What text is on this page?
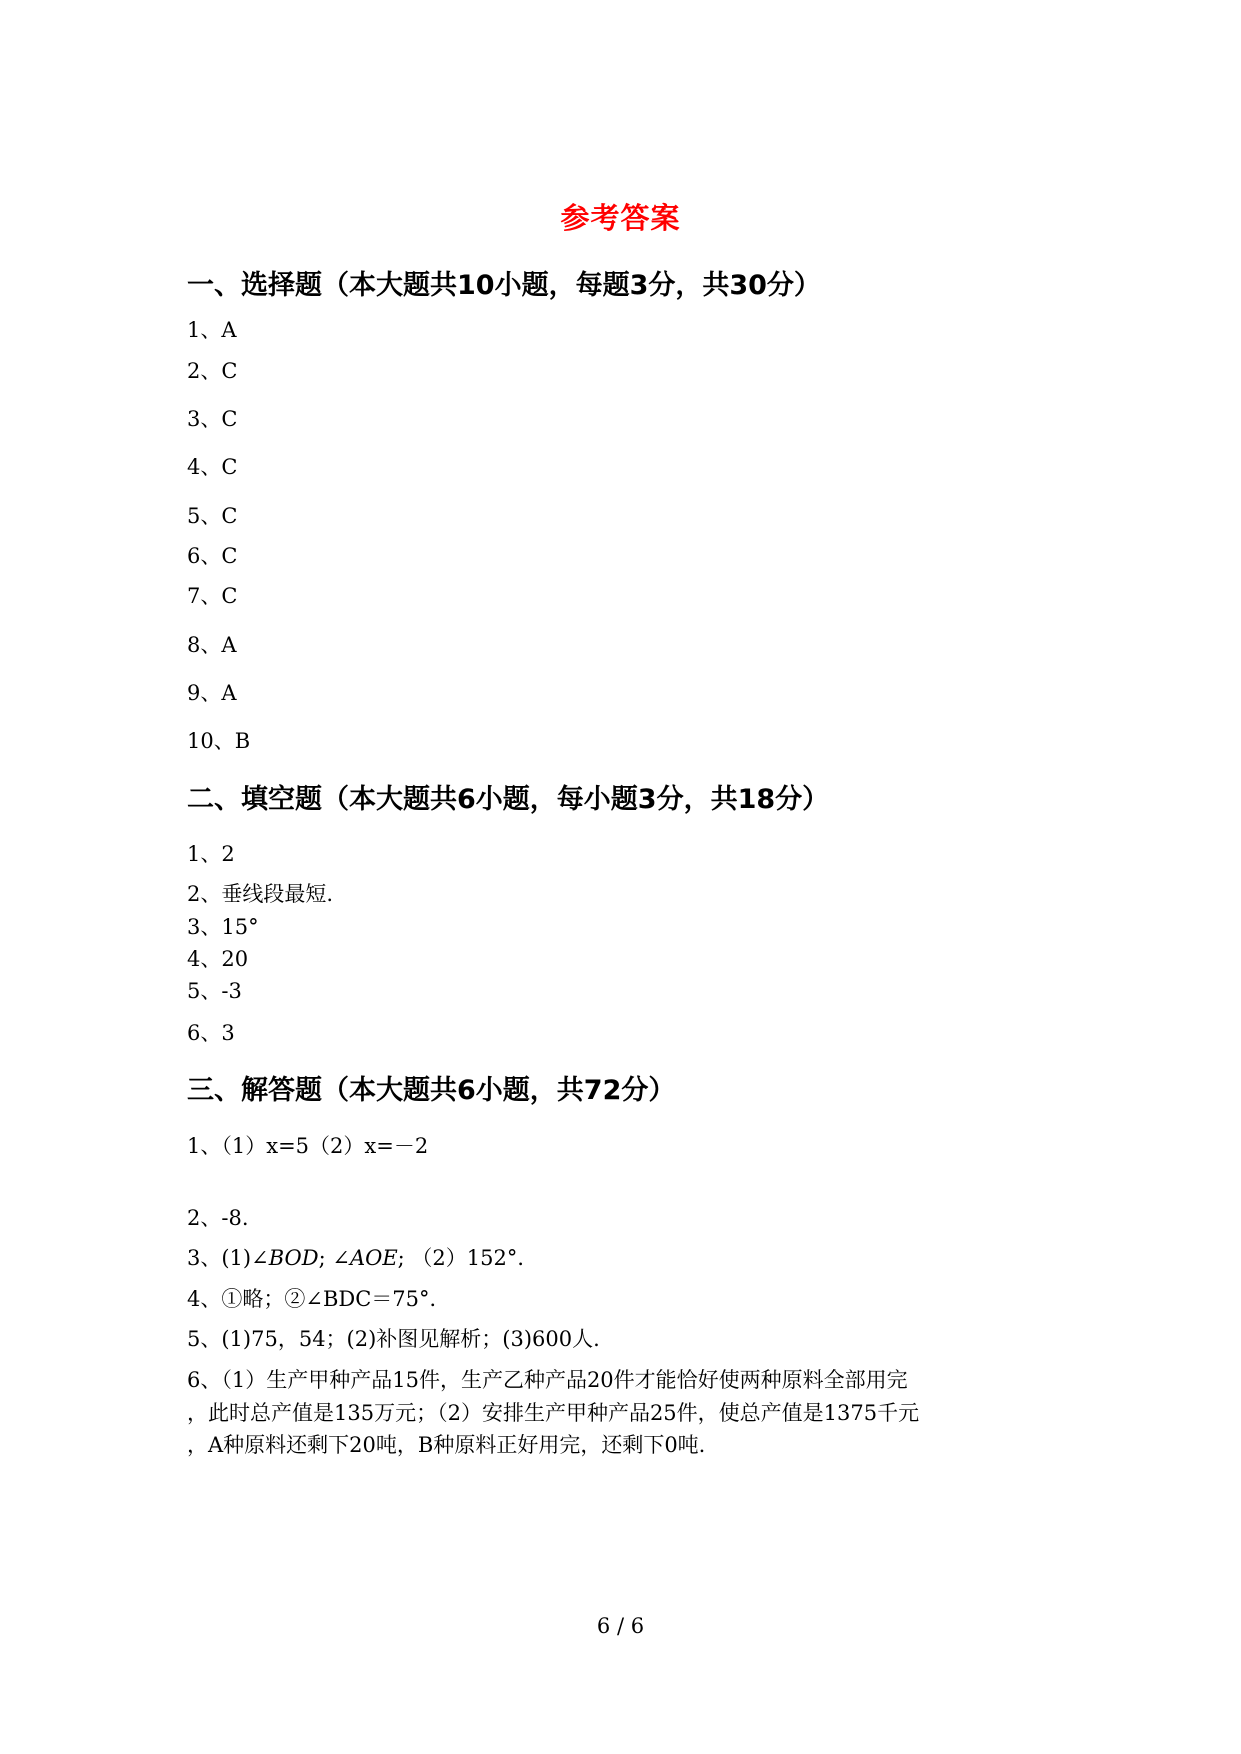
参考答案
一、选择题（本大题共10小题，每题3分，共30分）
1、A
2、C
3、C
4、C
5、C
6、C
7、C
8、A
9、A
10、B
二、填空题（本大题共6小题，每小题3分，共18分）
1、2
2、垂线段最短.
3、15°
4、20
5、-3
6、3
三、解答题（本大题共6小题，共72分）
1、（1）x=5（2）x=－2
2、-8.
3、(1)∠BOD; ∠AOE; （2）152°．
4、①略；②∠BDC＝75°．
5、(1)75，54；(2)补图见解析；(3)600人.
6、（1）生产甲种产品15件，生产乙种产品20件才能恰好使两种原料全部用完
，此时总产值是135万元；（2）安排生产甲种产品25件，使总产值是1375千元
，A种原料还剩下20吨，B种原料正好用完，还剩下0吨.
6 / 6
